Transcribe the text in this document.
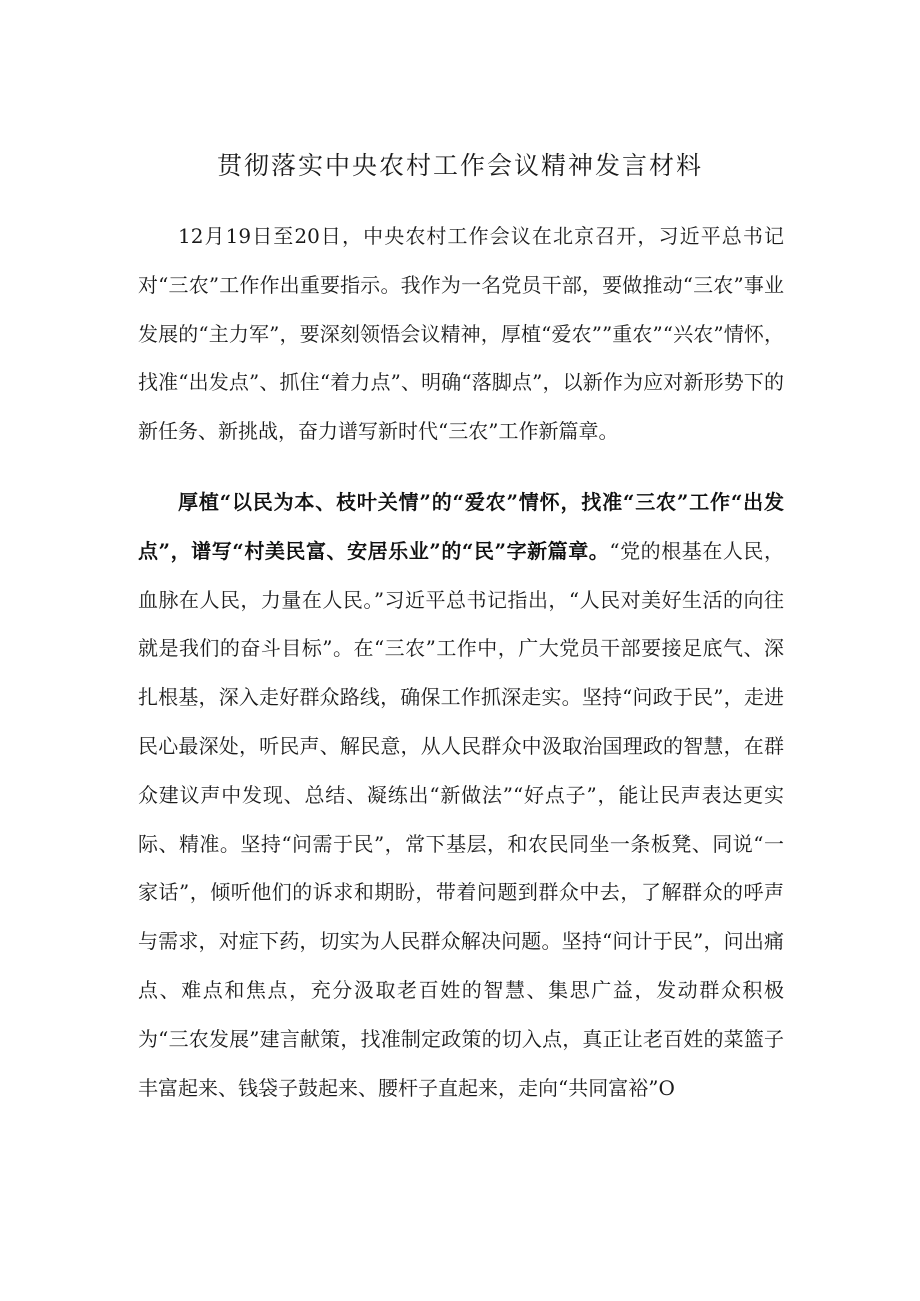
贯彻落实中央农村工作会议精神发言材料

12月19日至20日，中央农村工作会议在北京召开，习近平总书记对“三农”工作作出重要指示。我作为一名党员干部，要做推动“三农”事业发展的“主力军”，要深刻领悟会议精神，厚植“爱农””重农”“兴农”情怀，找准“出发点”、抓住“着力点”、明确“落脚点”，以新作为应对新形势下的新任务、新挑战，奋力谱写新时代“三农”工作新篇章。

厚植“以民为本、枝叶关情”的“爱农”情怀，找准“三农”工作“出发点”，谱写“村美民富、安居乐业”的“民”字新篇章。“党的根基在人民，血脉在人民，力量在人民。”习近平总书记指出，“人民对美好生活的向往就是我们的奋斗目标”。在“三农”工作中，广大党员干部要接足底气、深扎根基，深入走好群众路线，确保工作抓深走实。坚持“问政于民”，走进民心最深处，听民声、解民意，从人民群众中汲取治国理政的智慧，在群众建议声中发现、总结、凝练出“新做法”“好点子”，能让民声表达更实际、精准。坚持“问需于民”，常下基层，和农民同坐一条板凳、同说“一家话”，倾听他们的诉求和期盼，带着问题到群众中去，了解群众的呼声与需求，对症下药，切实为人民群众解决问题。坚持“问计于民”，问出痛点、难点和焦点，充分汲取老百姓的智慧、集思广益，发动群众积极为“三农发展”建言献策，找准制定政策的切入点，真正让老百姓的菜篮子丰富起来、钱袋子鼓起来、腰杆子直起来，走向“共同富裕”O
